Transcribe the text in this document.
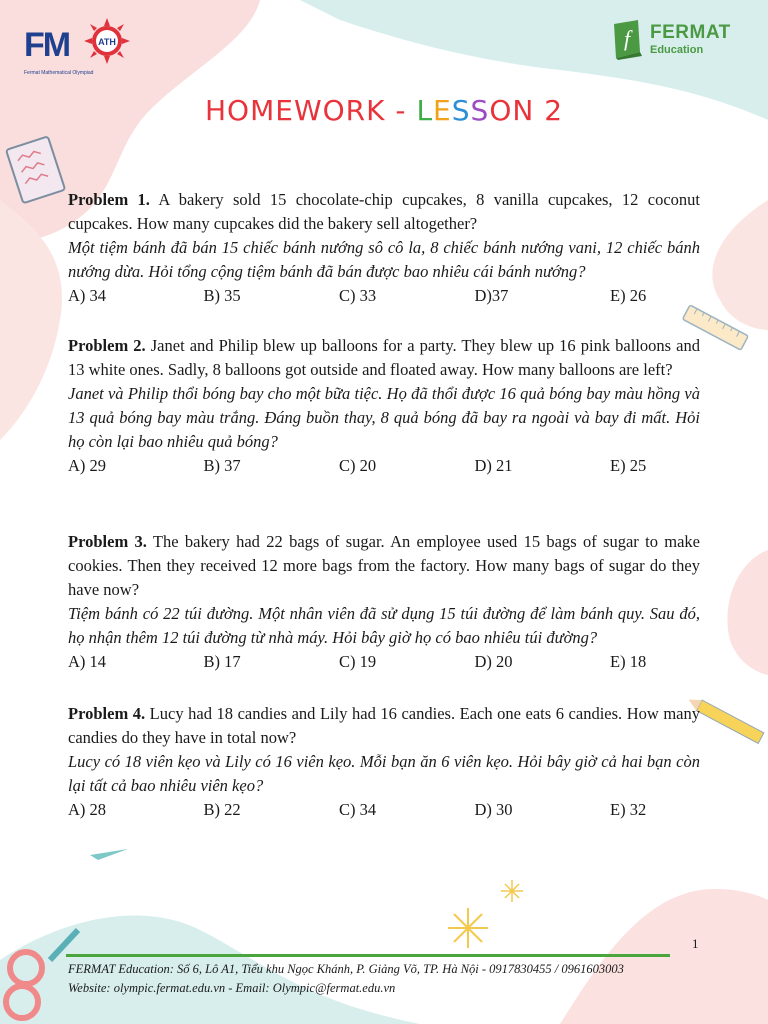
FM	ATH
Fermat Mathematical Olympiad
f FERMAT
Education
HOMEWORK - LESSON 2

Problem 1. A bakery sold 15 chocolate-chip cupcakes, 8 vanilla cupcakes, 12 coconut cupcakes. How many cupcakes did the bakery sell altogether?

Một tiệm bánh đã bán 15 chiếc bánh nướng sô cô la, 8 chiếc bánh nướng vani, 12 chiếc bánh nướng dừa. Hỏi tổng cộng tiệm bánh đã bán được bao nhiêu cái bánh nướng?

A) 34	B) 35	C) 33	D)37	E) 26

Problem 2. Janet and Philip blew up balloons for a party. They blew up 16 pink balloons and 13 white ones. Sadly, 8 balloons got outside and floated away. How many balloons are left?

Janet và Philip thổi bóng bay cho một bữa tiệc. Họ đã thổi được 16 quả bóng bay màu hồng và 13 quả bóng bay màu trắng. Đáng buồn thay, 8 quả bóng đã bay ra ngoài và bay đi mất. Hỏi họ còn lại bao nhiêu quả bóng?

A) 29	B) 37	C) 20	D) 21	E) 25

Problem 3. The bakery had 22 bags of sugar. An employee used 15 bags of sugar to make cookies. Then they received 12 more bags from the factory. How many bags of sugar do they have now?

Tiệm bánh có 22 túi đường. Một nhân viên đã sử dụng 15 túi đường để làm bánh quy. Sau đó, họ nhận thêm 12 túi đường từ nhà máy. Hỏi bây giờ họ có bao nhiêu túi đường?

A) 14	B) 17	C) 19	D) 20	E) 18

Problem 4. Lucy had 18 candies and Lily had 16 candies. Each one eats 6 candies. How many candies do they have in total now?

Lucy có 18 viên kẹo và Lily có 16 viên kẹo. Mỗi bạn ăn 6 viên kẹo. Hỏi bây giờ cả hai bạn còn lại tất cả bao nhiêu viên kẹo?

A) 28	B) 22	C) 34	D) 30	E) 32
1

FERMAT Education: Số 6, Lô A1, Tiểu khu Ngọc Khánh, P. Giảng Võ, TP. Hà Nội - 0917830455 / 0961603003

Website: olympic.fermat.edu.vn - Email: Olympic@fermat.edu.vn
